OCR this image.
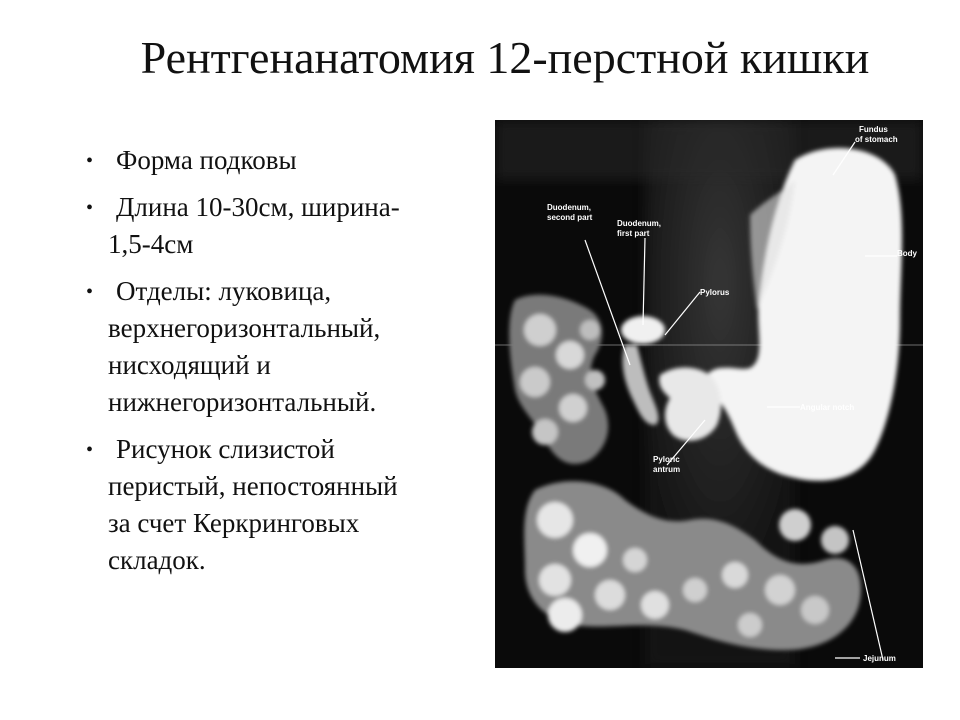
Рентгенанатомия 12-перстной кишки
• Форма подковы
• Длина 10-30см, ширина-
1,5-4см
• Отделы: луковица,
верхнегоризонтальный,
нисходящий и
нижнегоризонтальный.
• Рисунок слизистой
перистый, непостоянный
за счет Керкринговых
складок.
Fundus
of stomach
Duodenum,
second part
Duodenum,
first part
Body
Pylorus
Angular notch
Pyloric
antrum
Jejunum
